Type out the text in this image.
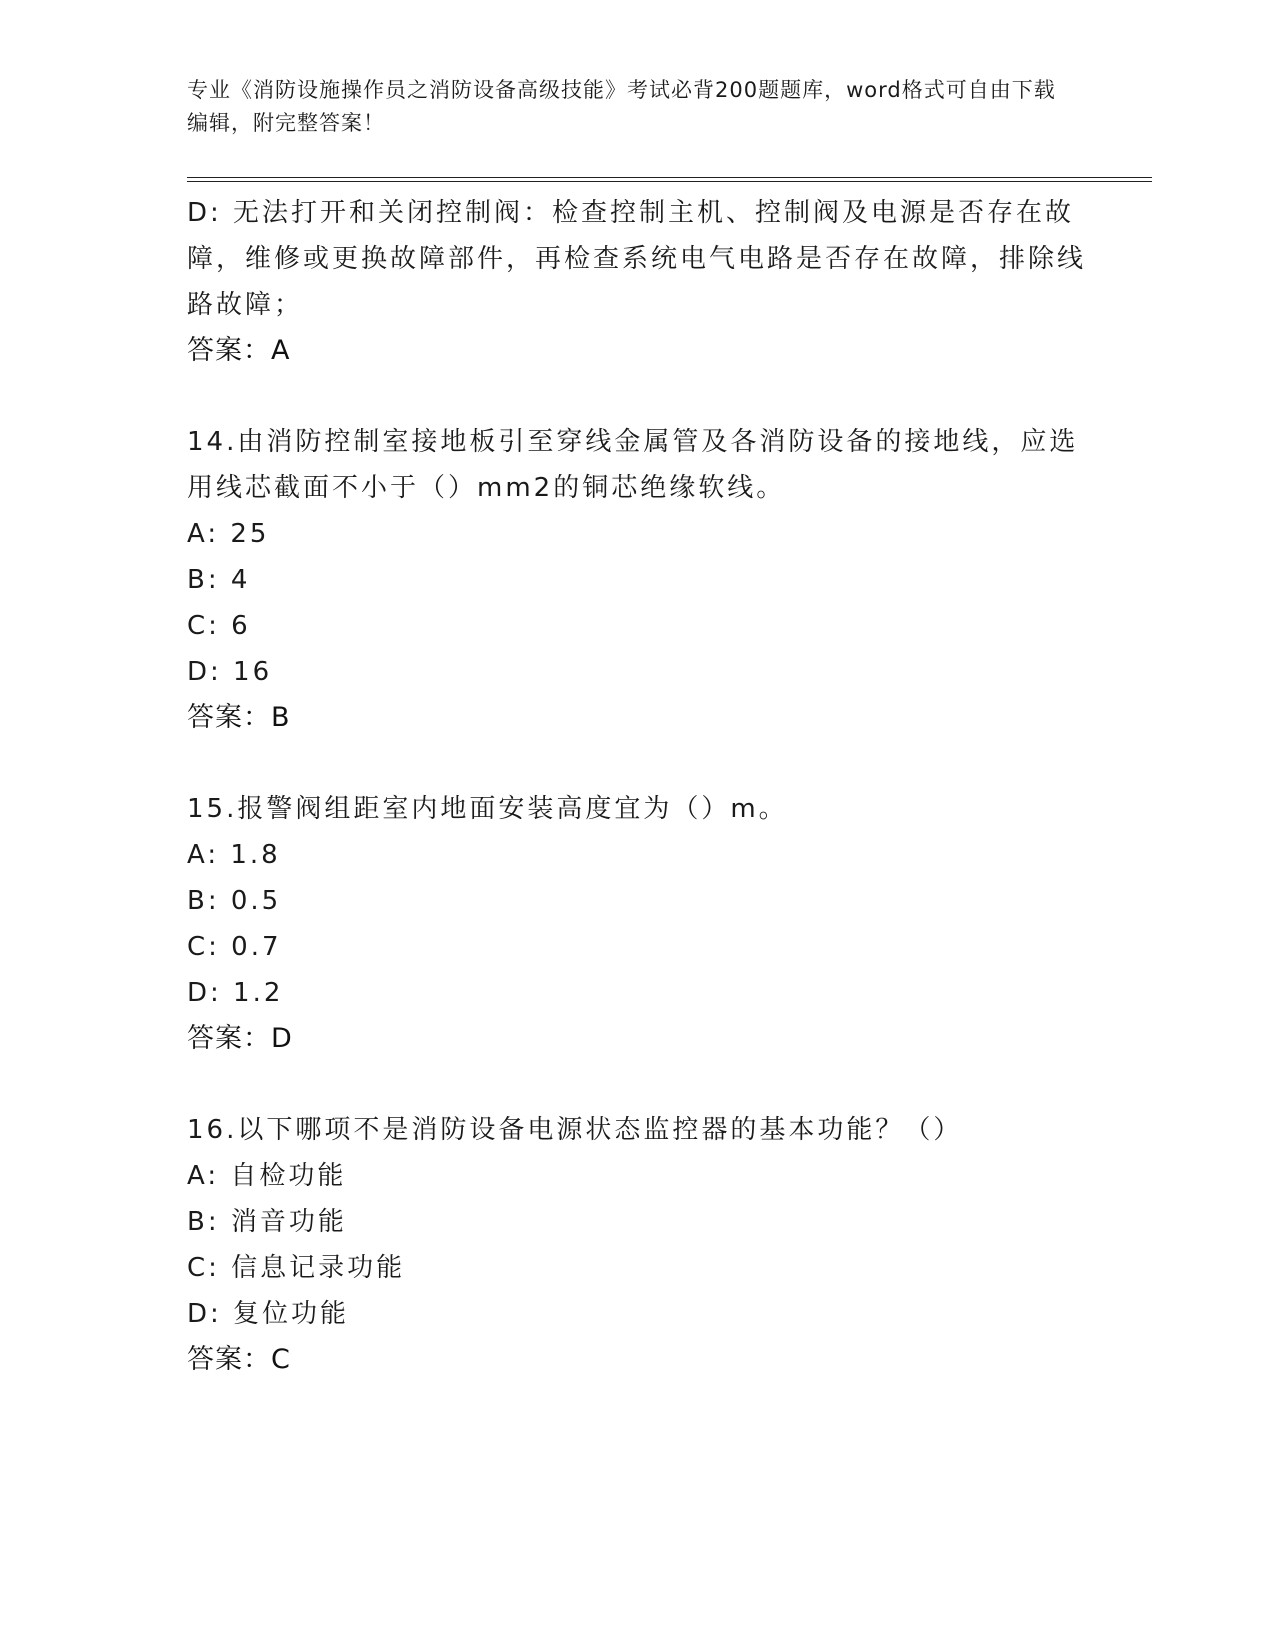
专业《消防设施操作员之消防设备高级技能》考试必背200题题库，word格式可自由下载编辑，附完整答案！
D: 无法打开和关闭控制阀：检查控制主机、控制阀及电源是否存在故障，维修或更换故障部件，再检查系统电气电路是否存在故障，排除线路故障；
答案：A
14.由消防控制室接地板引至穿线金属管及各消防设备的接地线，应选用线芯截面不小于（）mm2的铜芯绝缘软线。
A: 25
B: 4
C: 6
D: 16
答案：B
15.报警阀组距室内地面安装高度宜为（）m。
A: 1.8
B: 0.5
C: 0.7
D: 1.2
答案：D
16.以下哪项不是消防设备电源状态监控器的基本功能？（）
A: 自检功能
B: 消音功能
C: 信息记录功能
D: 复位功能
答案：C
